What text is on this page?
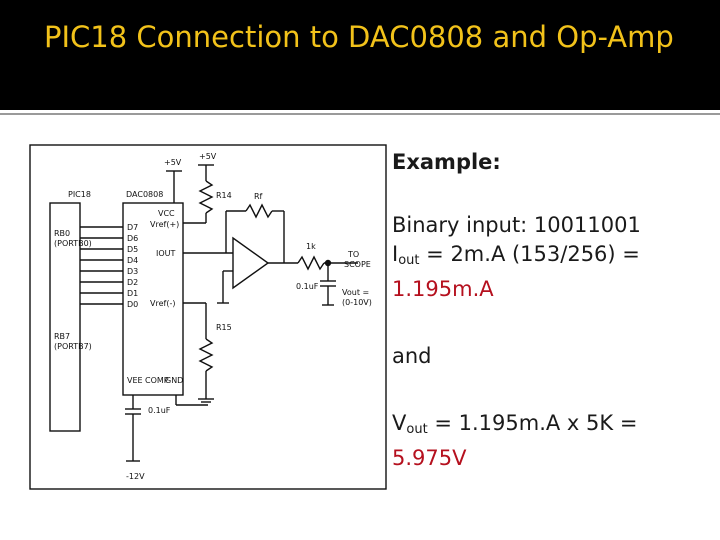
PIC18 Connection to DAC0808 and Op-Amp
PIC18	DAC0808
RB0
(PORTB0)
RB7
(PORTB7)
+5V
+5V
R14	Rf
1k
TO
SCOPE
Vout =
(0-10V)
0.1uF
R15
0.1uF
-12V
D7
D6
D5
D4
D3
D2
D1
D0
VCC
Vref(+)
IOUT
Vref(-)
VEE COMP
GND

Example:

Binary input: 10011001

$I_{out} = 2m.A$ (153/256) =

1.195m.A

and

$V_{out} = 1.195m.A$ x 5K =

5.975V
